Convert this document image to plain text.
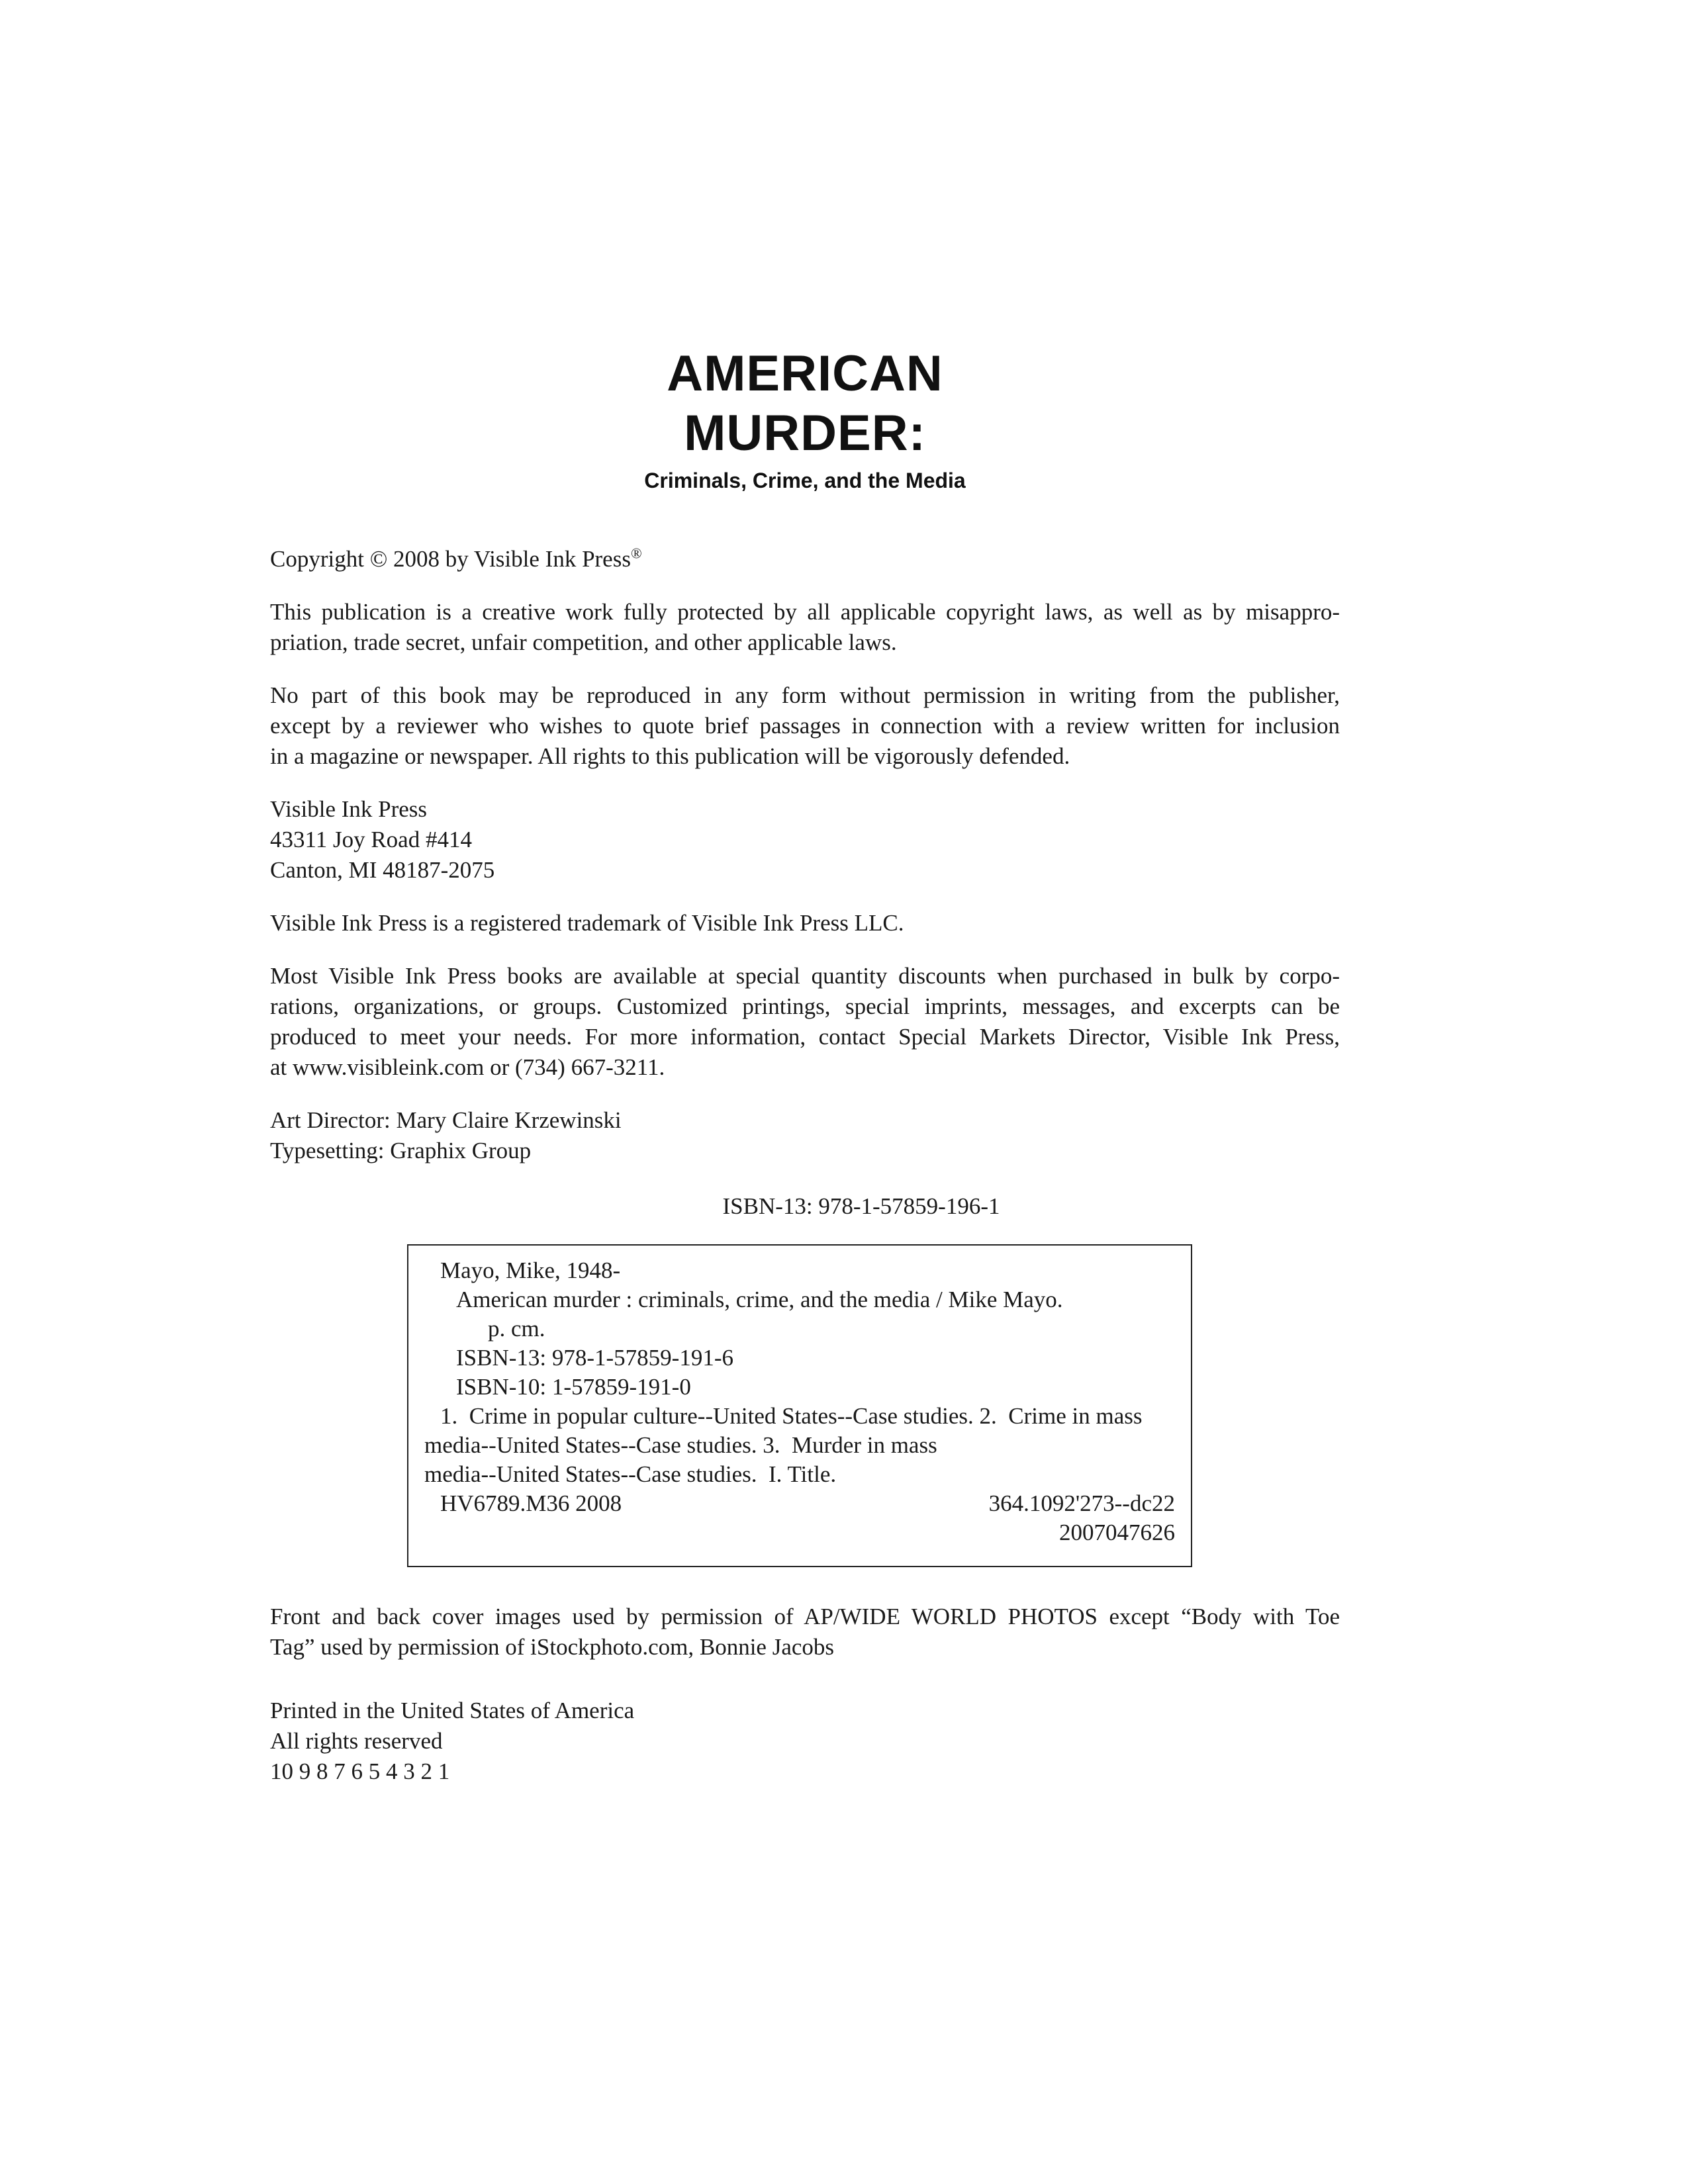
AMERICAN
MURDER:
Criminals, Crime, and the Media

Copyright © 2008 by Visible Ink Press®

This publication is a creative work fully protected by all applicable copyright laws, as well as by misappro-
priation, trade secret, unfair competition, and other applicable laws.

No part of this book may be reproduced in any form without permission in writing from the publisher,
except by a reviewer who wishes to quote brief passages in connection with a review written for inclusion
in a magazine or newspaper. All rights to this publication will be vigorously defended.

Visible Ink Press
43311 Joy Road #414
Canton, MI 48187-2075

Visible Ink Press is a registered trademark of Visible Ink Press LLC.

Most Visible Ink Press books are available at special quantity discounts when purchased in bulk by corpo-
rations, organizations, or groups. Customized printings, special imprints, messages, and excerpts can be
produced to meet your needs. For more information, contact Special Markets Director, Visible Ink Press,
at www.visibleink.com or (734) 667-3211.

Art Director: Mary Claire Krzewinski
Typesetting: Graphix Group

ISBN-13: 978-1-57859-196-1
Mayo, Mike, 1948-
American murder : criminals, crime, and the media / Mike Mayo.
p. cm.
ISBN-13: 978-1-57859-191-6
ISBN-10: 1-57859-191-0
1.  Crime in popular culture--United States--Case studies. 2.  Crime in mass
media--United States--Case studies. 3.  Murder in mass
media--United States--Case studies.  I. Title.
HV6789.M36 2008	364.1092'273--dc22
2007047626

Front and back cover images used by permission of AP/WIDE WORLD PHOTOS except “Body with Toe
Tag” used by permission of iStockphoto.com, Bonnie Jacobs

Printed in the United States of America
All rights reserved
10 9 8 7 6 5 4 3 2 1
